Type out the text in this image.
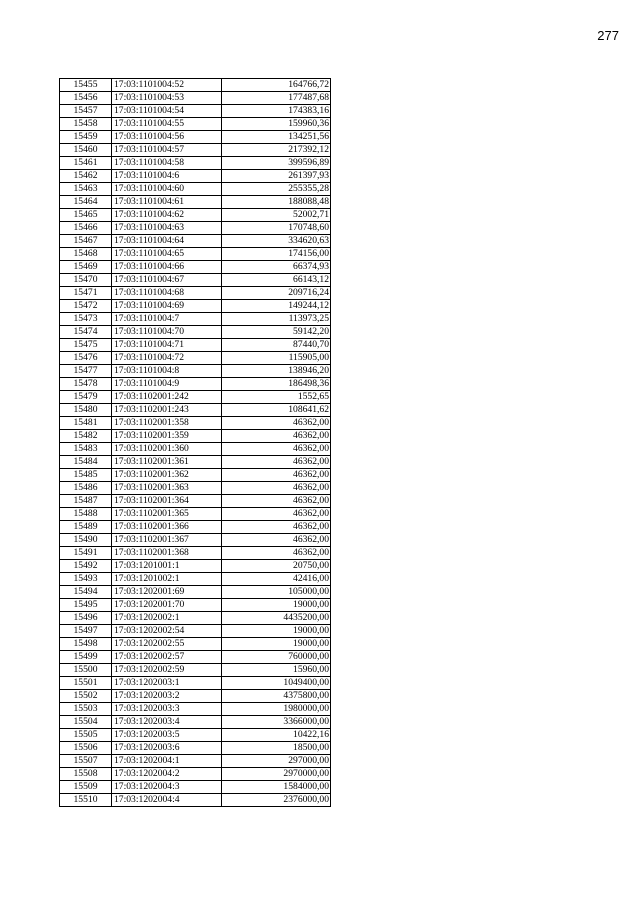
277
15455	17:03:1101004:52	164766,72
15456	17:03:1101004:53	177487,68
15457	17:03:1101004:54	174383,16
15458	17:03:1101004:55	159960,36
15459	17:03:1101004:56	134251,56
15460	17:03:1101004:57	217392,12
15461	17:03:1101004:58	399596,89
15462	17:03:1101004:6	261397,93
15463	17:03:1101004:60	255355,28
15464	17:03:1101004:61	188088,48
15465	17:03:1101004:62	52002,71
15466	17:03:1101004:63	170748,60
15467	17:03:1101004:64	334620,63
15468	17:03:1101004:65	174156,00
15469	17:03:1101004:66	66374,93
15470	17:03:1101004:67	66143,12
15471	17:03:1101004:68	209716,24
15472	17:03:1101004:69	149244,12
15473	17:03:1101004:7	113973,25
15474	17:03:1101004:70	59142,20
15475	17:03:1101004:71	87440,70
15476	17:03:1101004:72	115905,00
15477	17:03:1101004:8	138946,20
15478	17:03:1101004:9	186498,36
15479	17:03:1102001:242	1552,65
15480	17:03:1102001:243	108641,62
15481	17:03:1102001:358	46362,00
15482	17:03:1102001:359	46362,00
15483	17:03:1102001:360	46362,00
15484	17:03:1102001:361	46362,00
15485	17:03:1102001:362	46362,00
15486	17:03:1102001:363	46362,00
15487	17:03:1102001:364	46362,00
15488	17:03:1102001:365	46362,00
15489	17:03:1102001:366	46362,00
15490	17:03:1102001:367	46362,00
15491	17:03:1102001:368	46362,00
15492	17:03:1201001:1	20750,00
15493	17:03:1201002:1	42416,00
15494	17:03:1202001:69	105000,00
15495	17:03:1202001:70	19000,00
15496	17:03:1202002:1	4435200,00
15497	17:03:1202002:54	19000,00
15498	17:03:1202002:55	19000,00
15499	17:03:1202002:57	760000,00
15500	17:03:1202002:59	15960,00
15501	17:03:1202003:1	1049400,00
15502	17:03:1202003:2	4375800,00
15503	17:03:1202003:3	1980000,00
15504	17:03:1202003:4	3366000,00
15505	17:03:1202003:5	10422,16
15506	17:03:1202003:6	18500,00
15507	17:03:1202004:1	297000,00
15508	17:03:1202004:2	2970000,00
15509	17:03:1202004:3	1584000,00
15510	17:03:1202004:4	2376000,00
